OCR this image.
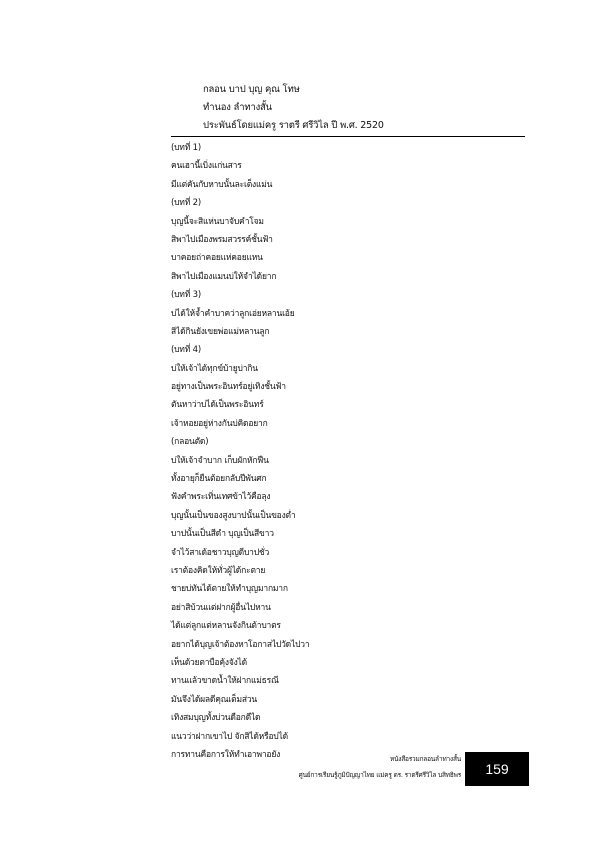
กลอน บาป บุญ คุณ โทษ
ทำนอง ลำทางสั้น
ประพันธ์โดยแม่ครู ราตรี ศรีวิไล ปี พ.ศ. 2520
(บทที่ 1)
คนเฮานี้เบิ่งแก่นสาร
มีแต่คันกับหาบนั้นละเต็งแม่น
(บทที่ 2)
บุญนี้จะสิแห่นบาจับคำโจม
สิพาไปเมืองพรมสวรรค์ชั้นฟ้า
บาคอยถ่าคอยแห่คอยแหน
สิพาไปเมืองแมนบ่ให้จำได้ยาก
(บทที่ 3)
บ่ได้ให้จ้ำคำบาคว่าลูกเอ่ยหลานเอ้ย
สิได้กินยังเขยพ่อแม่หลานลูก
(บทที่ 4)
บ่ให้เจ้าได้ทุกข์บ้ายูบ่ากิน
อยู่ทางเป็นพระอินทร์อยู่เทิงชั้นฟ้า
ตันหาว่าบ่ได้เป็นพระอินทร์
เจ้าหอยอยู่ห่างกันบ่คิดอยาก
(กลอนตัด)
บ่ให้เจ้าจำบาก เก็บผักหักฟืน
ทั้งอายุก็ยืนต้อยกลับปีพันศก
ฟังคำพระเทิ่นเทศข้าไว้คือลุง
บุญนั้นเป็นของสูงบาปนั้นเป็นของต่ำ
บาปนั้นเป็นสีดำ บุญเป็นสีขาว
จำไว้สาเด้อชาวบุญดีบาปชั่ว
เราต้องคิดให้ทั่วผู้ได้กะตาย
ชายบ่ทันได้ตายให้ทำบุญมากมาก
อย่าสิบ้วนแต่ฝากผู้อื่นไปหาน
ได้แต่ลูกแต่หลานจังกินต้าบาตร
อยากได้บุญเจ้าต้องหาโอกาสไปวัดไปวา
เห็นด้วยตาบือคุ้งจังได้
ทานแล้วขาดน้ำให้ฝากแม่ธรณี
มันจึงได้ผลดีคุณเต็มส่วน
เทิงสมบุญทั้งบ่วนดือกดีได
แนวว่าฝากเขาไป จักสิได้หรือบ่ได้
การทานคือการให้ทำเอาพาอยัง	หนังสือรวมกลอนลำทางสั้น
ศูนย์การเรียนรู้ภูมิปัญญาไทย แม่ครู ดร. ราตรีศรีวิไล บสิทธิพร 159
